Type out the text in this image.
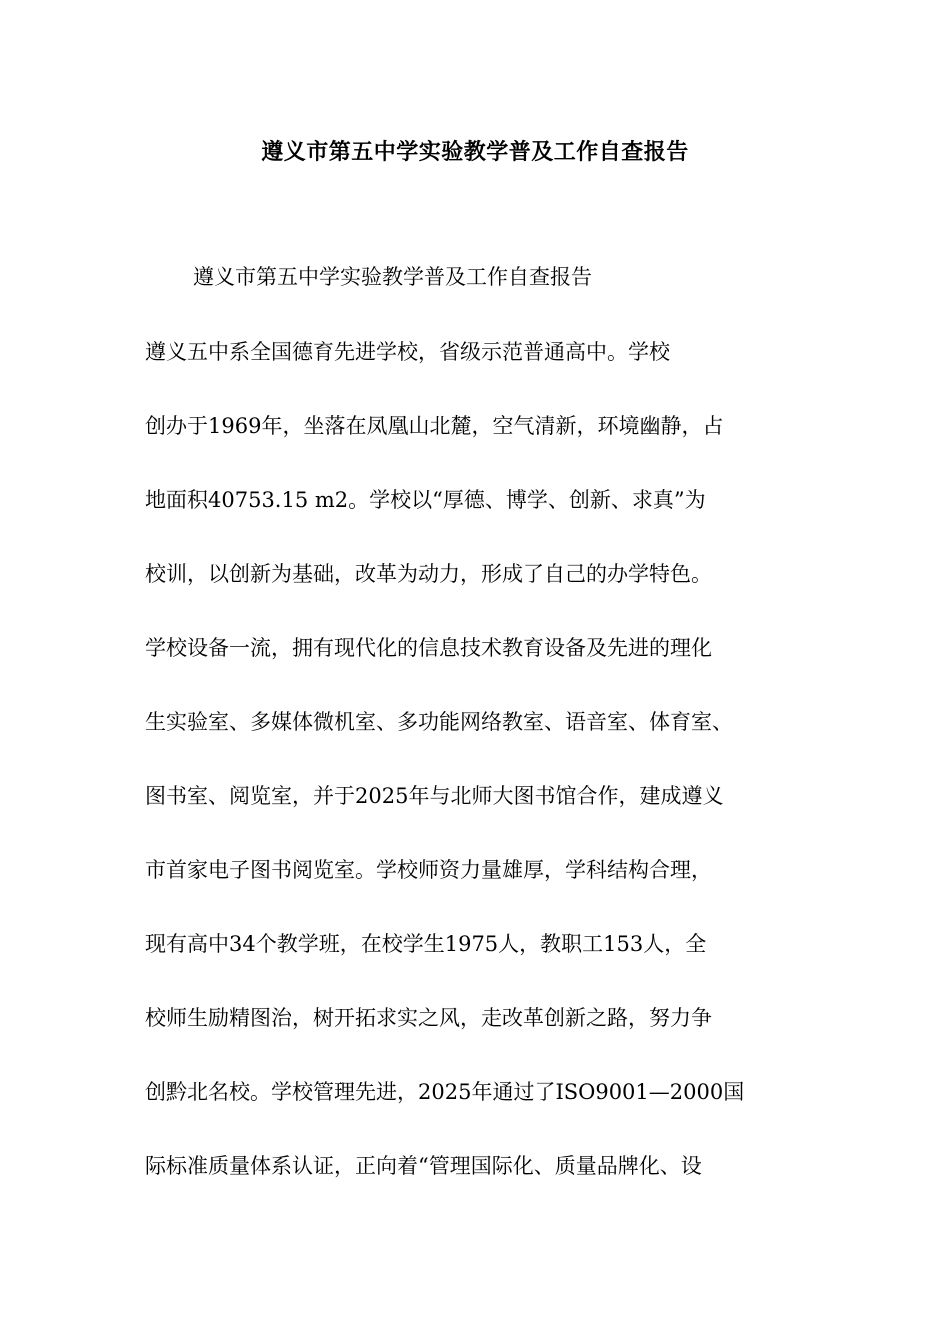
遵义市第五中学实验教学普及工作自查报告
遵义市第五中学实验教学普及工作自查报告
遵义五中系全国德育先进学校，省级示范普通高中。学校
创办于1969年，坐落在凤凰山北麓，空气清新，环境幽静，占
地面积40753.15 m2。学校以“厚德、博学、创新、求真”为
校训，以创新为基础，改革为动力，形成了自己的办学特色。
学校设备一流，拥有现代化的信息技术教育设备及先进的理化
生实验室、多媒体微机室、多功能网络教室、语音室、体育室、
图书室、阅览室，并于2025年与北师大图书馆合作，建成遵义
市首家电子图书阅览室。学校师资力量雄厚，学科结构合理，
现有高中34个教学班，在校学生1975人，教职工153人，全
校师生励精图治，树开拓求实之风，走改革创新之路，努力争
创黔北名校。学校管理先进，2025年通过了ISO9001—2000国
际标准质量体系认证，正向着“管理国际化、质量品牌化、设
